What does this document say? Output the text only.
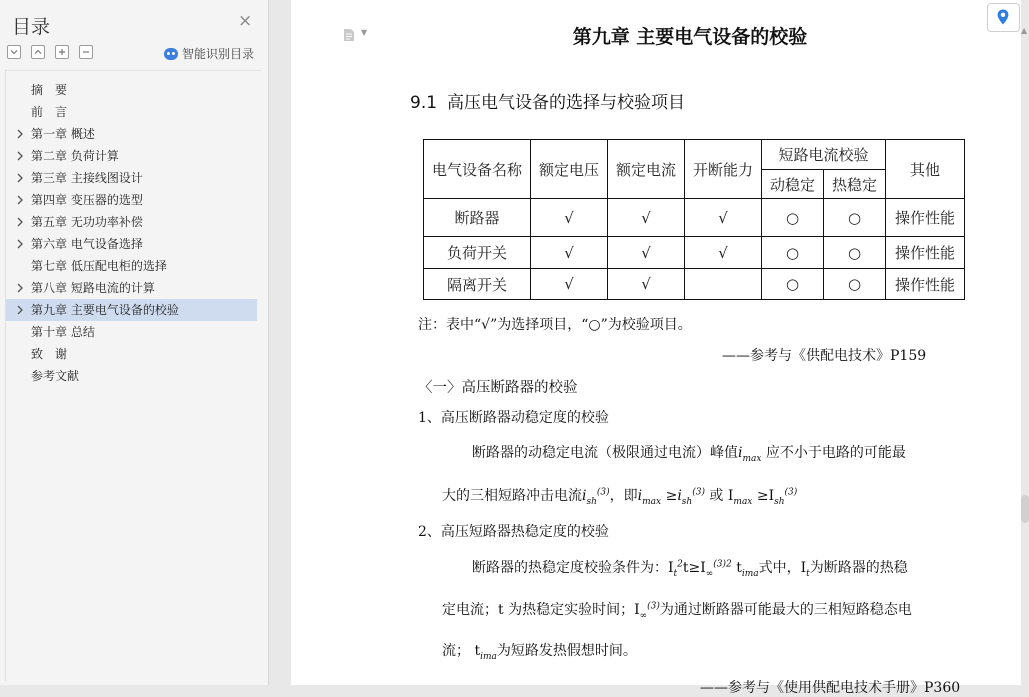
目录	×
智能识别目录
摘　要
前　言
第一章 概述
第二章 负荷计算
第三章 主接线图设计
第四章 变压器的选型
第五章 无功功率补偿
第六章 电气设备选择
第七章 低压配电柜的选择
第八章 短路电流的计算
第九章 主要电气设备的校验
第十章 总结
致　谢
参考文献
▼	第九章 主要电气设备的校验
9.1 高压电气设备的选择与校验项目
电气设备名称	额定电压	额定电流	开断能力	短路电流校验		其他
				动稳定	热稳定	
断路器	√	√	√	○	○	操作性能
负荷开关	√	√	√	○	○	操作性能
隔离开关	√	√		○	○	操作性能
注：表中“√”为选择项目，“○”为校验项目。
——参考与《供配电技术》P159
〈一〉高压断路器的校验
1、高压断路器动稳定度的校验
断路器的动稳定电流（极限通过电流）峰值$i_{max}$ 应不小于电路的可能最
大的三相短路冲击电流$i_{sh}^{(3)}$，即$i_{max} \ge i_{sh}^{(3)}$ 或 $I_{max} \ge I_{sh}^{(3)}$
2、高压短路器热稳定度的校验
断路器的热稳定度校验条件为：$I_t^2t\ge I_\infty^{(3)2}$ $t_{ima}$式中，$I_t$为断路器的热稳
定电流；t 为热稳定实验时间；$I_\infty^{(3)}$为通过断路器可能最大的三相短路稳态电
流； $t_{ima}$为短路发热假想时间。
——参考与《使用供配电技术手册》P360
▲
